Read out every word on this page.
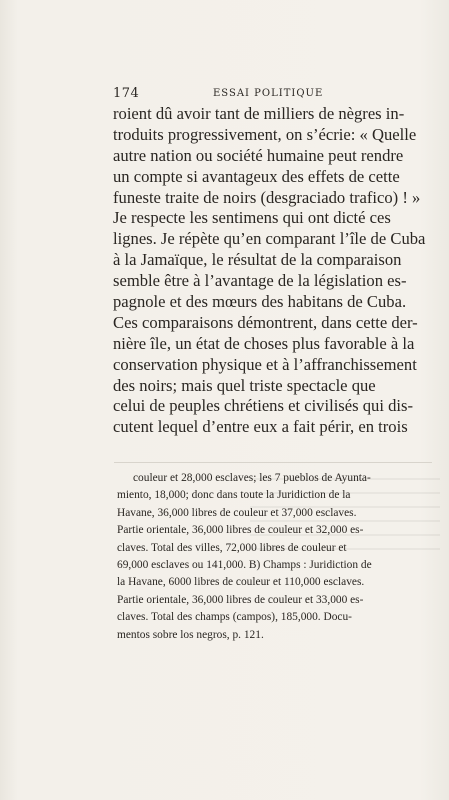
174	ESSAI POLITIQUE
roient dû avoir tant de milliers de nègres in-
troduits progressivement, on s’écrie: « Quelle
autre nation ou société humaine peut rendre
un compte si avantageux des effets de cette
funeste traite de noirs (desgraciado trafico) ! »
Je respecte les sentimens qui ont dicté ces
lignes. Je répète qu’en comparant l’île de Cuba
à la Jamaïque, le résultat de la comparaison
semble être à l’avantage de la législation es-
pagnole et des mœurs des habitans de Cuba.
Ces comparaisons démontrent, dans cette der-
nière île, un état de choses plus favorable à la
conservation physique et à l’affranchissement
des noirs; mais quel triste spectacle que
celui de peuples chrétiens et civilisés qui dis-
cutent lequel d’entre eux a fait périr, en trois
couleur et 28,000 esclaves; les 7 pueblos de Ayunta-
miento, 18,000; donc dans toute la Juridiction de la
Havane, 36,000 libres de couleur et 37,000 esclaves.
Partie orientale, 36,000 libres de couleur et 32,000 es-
claves. Total des villes, 72,000 libres de couleur et
69,000 esclaves ou 141,000. B) Champs : Juridiction de
la Havane, 6000 libres de couleur et 110,000 esclaves.
Partie orientale, 36,000 libres de couleur et 33,000 es-
claves. Total des champs (campos), 185,000. Docu-
mentos sobre los negros, p. 121.
